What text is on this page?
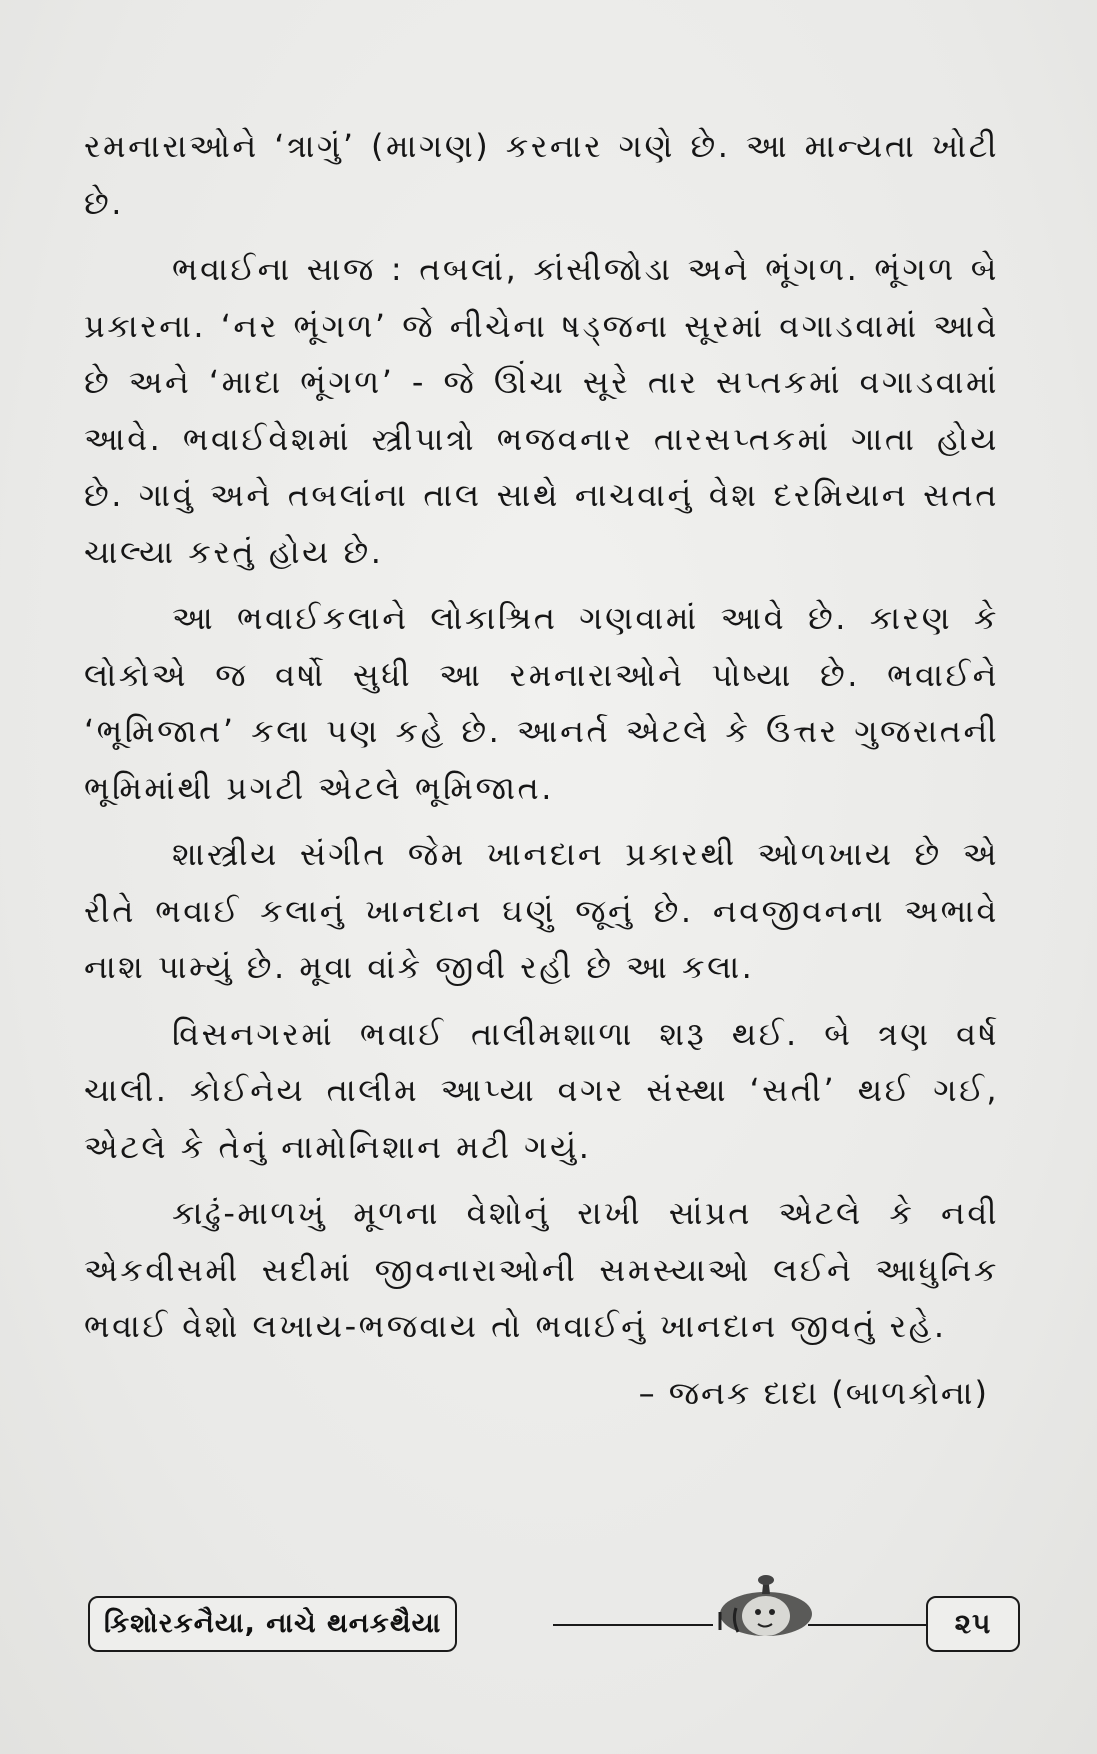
રમનારાઓને ‘ત્રાગું’ (માગણ) કરનાર ગણે છે. આ માન્યતા ખોટી છે.

ભવાઈના સાજ : તબલાં, કાંસીજોડા અને ભૂંગળ. ભૂંગળ બે પ્રકારના. ‘નર ભૂંગળ’ જે નીચેના ષડ્જના સૂરમાં વગાડવામાં આવે છે અને ‘માદા ભૂંગળ’ - જે ઊંચા સૂરે તાર સપ્તકમાં વગાડવામાં આવે. ભવાઈવેશમાં સ્ત્રીપાત્રો ભજવનાર તારસપ્તકમાં ગાતા હોય છે. ગાવું અને તબલાંના તાલ સાથે નાચવાનું વેશ દરમિયાન સતત ચાલ્યા કરતું હોય છે.

આ ભવાઈકલાને લોકાશ્રિત ગણવામાં આવે છે. કારણ કે લોકોએ જ વર્ષો સુધી આ રમનારાઓને પોષ્યા છે. ભવાઈને ‘ભૂમિજાત’ કલા પણ કહે છે. આનર્ત એટલે કે ઉત્તર ગુજરાતની ભૂમિમાંથી પ્રગટી એટલે ભૂમિજાત.

શાસ્ત્રીય સંગીત જેમ ખાનદાન પ્રકારથી ઓળખાય છે એ રીતે ભવાઈ કલાનું ખાનદાન ઘણું જૂનું છે. નવજીવનના અભાવે નાશ પામ્યું છે. મૂવા વાંકે જીવી રહી છે આ કલા.

વિસનગરમાં ભવાઈ તાલીમશાળા શરૂ થઈ. બે ત્રણ વર્ષ ચાલી. કોઈનેય તાલીમ આપ્યા વગર સંસ્થા ‘સતી’ થઈ ગઈ, એટલે કે તેનું નામોનિશાન મટી ગયું.

કાઢું-માળખું મૂળના વેશોનું રાખી સાંપ્રત એટલે કે નવી એકવીસમી સદીમાં જીવનારાઓની સમસ્યાઓ લઈને આધુનિક ભવાઈ વેશો લખાય-ભજવાય તો ભવાઈનું ખાનદાન જીવતું રહે.

– જનક દાદા (બાળકોના)

કિશોરકનૈયા, નાચે થનકથૈયા	૨૫
